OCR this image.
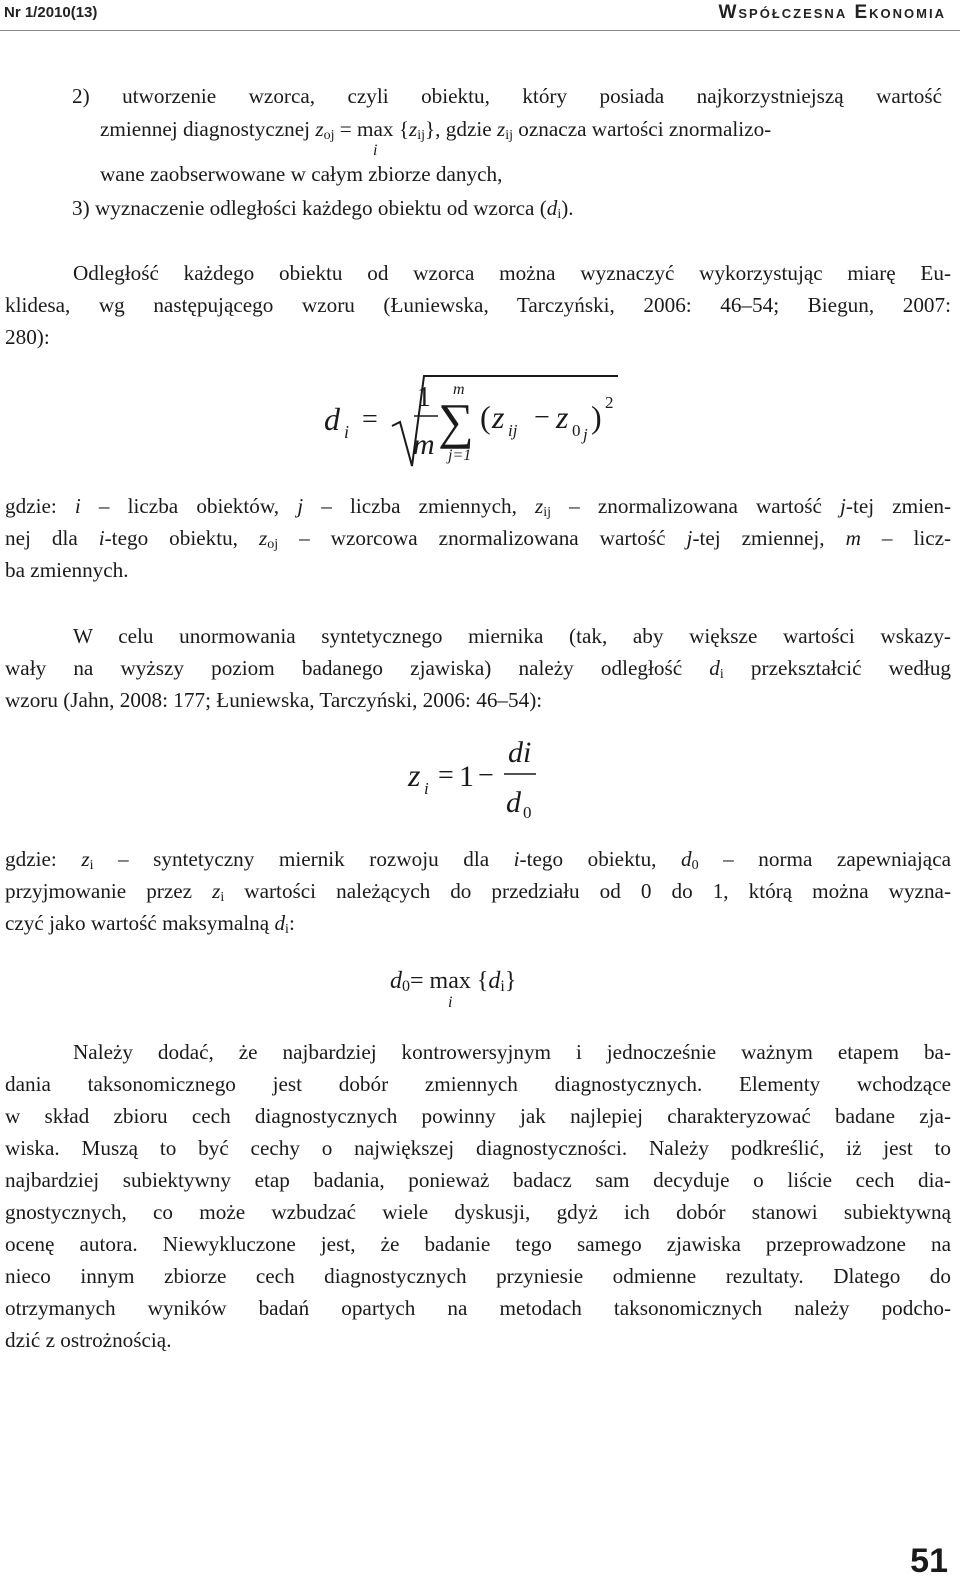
Nr 1/2010(13)	Współczesna Ekonomia
2) utworzenie wzorca, czyli obiektu, który posiada najkorzystniejszą wartość
zmiennej diagnostycznej $z_{oj} = \max$
i
$\{z_{ij}\}$, gdzie $z_{ij}$ oznacza wartości znormalizo-
wane zaobserwowane w całym zbiorze danych,
3) wyznaczenie odległości każdego obiektu od wzorca $(d_i)$.
Odległość każdego obiektu od wzorca można wyznaczyć wykorzystując miarę Eu-
klidesa, wg następującego wzoru (Łuniewska, Tarczyński, 2006: 46–54; Biegun, 2007:
280):
d i =
1
m
m
∑
j=1
( z ij − z 0 j ) 2
gdzie: i – liczba obiektów, j – liczba zmiennych, $z_{ij}$ – znormalizowana wartość j-tej zmien-
nej dla i-tego obiektu, $z_{oj}$ – wzorcowa znormalizowana wartość j-tej zmiennej, m – licz-
ba zmiennych.
W celu unormowania syntetycznego miernika (tak, aby większe wartości wskazy-
wały na wyższy poziom badanego zjawiska) należy odległość $d_i$ przekształcić według
wzoru (Jahn, 2008: 177; Łuniewska, Tarczyński, 2006: 46–54):
z i = 1 −
di
d 0
gdzie: $z_i$ – syntetyczny miernik rozwoju dla i-tego obiektu, $d_0$ – norma zapewniająca
przyjmowanie przez $z_i$ wartości należących do przedziału od 0 do 1, którą można wyzna-
czyć jako wartość maksymalną $d_i$:
$d_0= \max$
i
$\{d_i\}$
Należy dodać, że najbardziej kontrowersyjnym i jednocześnie ważnym etapem ba-
dania taksonomicznego jest dobór zmiennych diagnostycznych. Elementy wchodzące
w skład zbioru cech diagnostycznych powinny jak najlepiej charakteryzować badane zja-
wiska. Muszą to być cechy o największej diagnostyczności. Należy podkreślić, iż jest to
najbardziej subiektywny etap badania, ponieważ badacz sam decyduje o liście cech dia-
gnostycznych, co może wzbudzać wiele dyskusji, gdyż ich dobór stanowi subiektywną
ocenę autora. Niewykluczone jest, że badanie tego samego zjawiska przeprowadzone na
nieco innym zbiorze cech diagnostycznych przyniesie odmienne rezultaty. Dlatego do
otrzymanych wyników badań opartych na metodach taksonomicznych należy podcho-
dzić z ostrożnością.
51
